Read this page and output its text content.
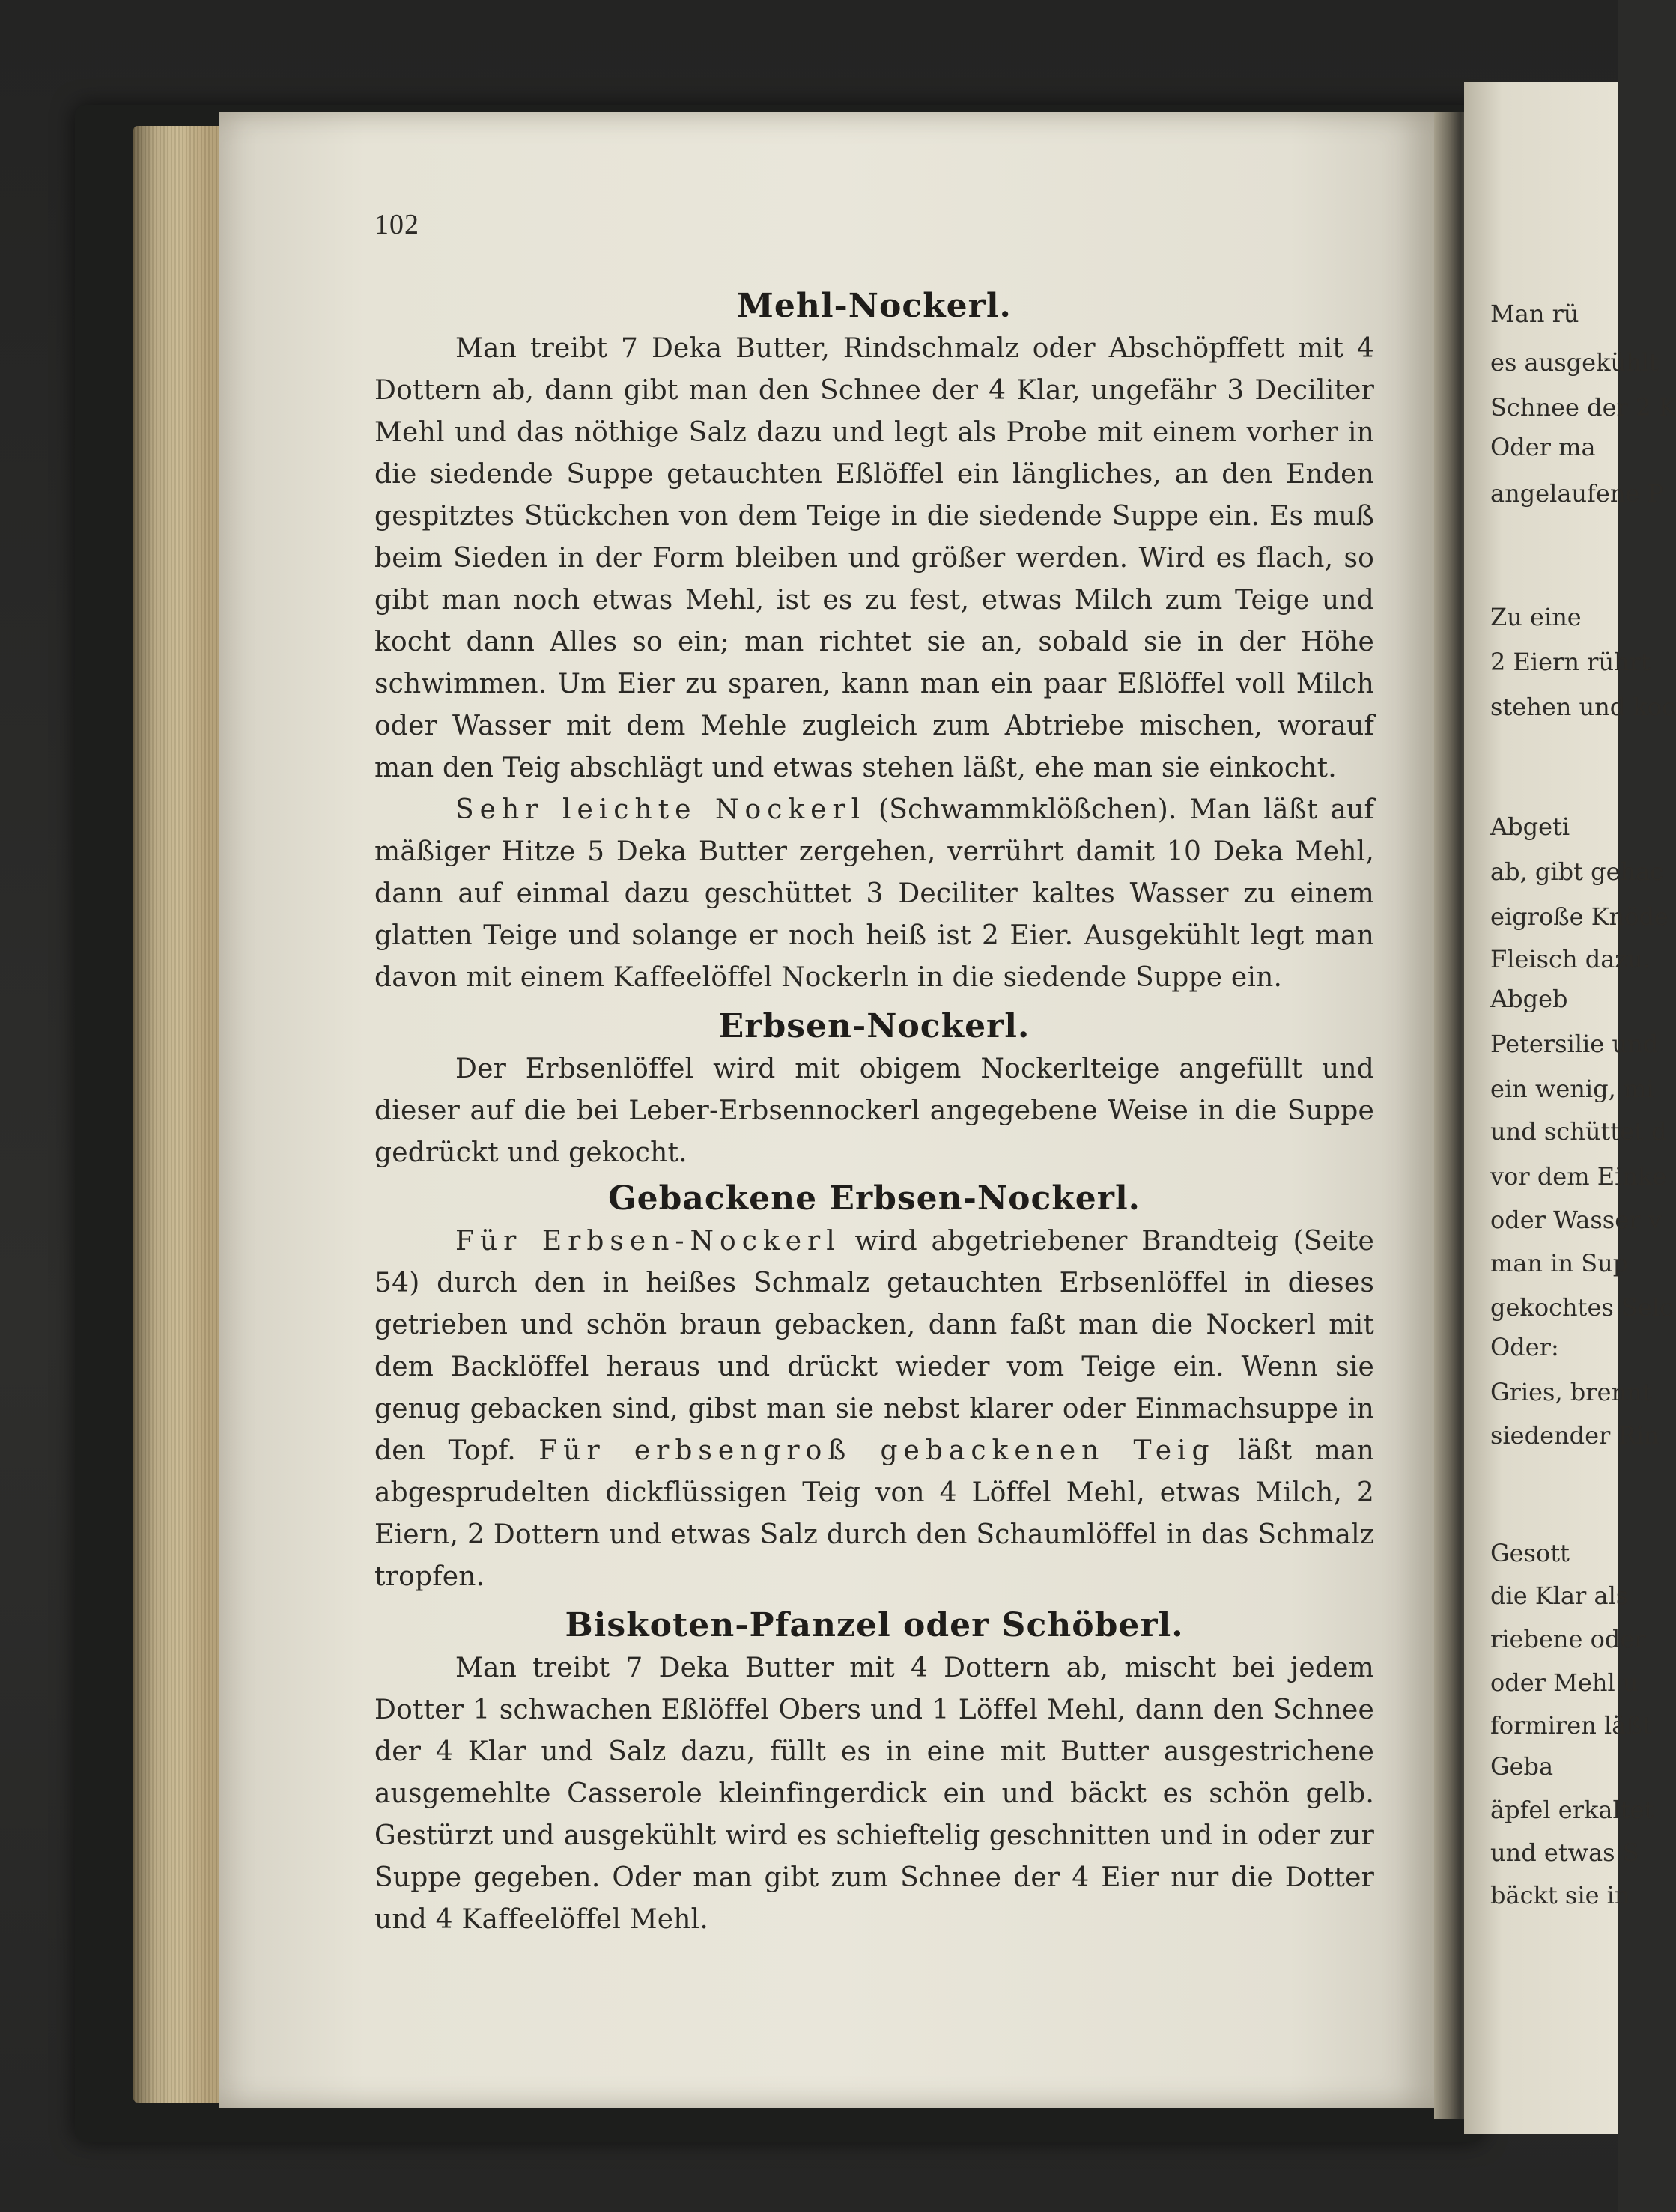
102
Mehl-Nockerl.

Man treibt 7 Deka Butter, Rindschmalz oder Abschöpffett mit 4 Dottern ab, dann gibt man den Schnee der 4 Klar, ungefähr 3 Deciliter Mehl und das nöthige Salz dazu und legt als Probe mit einem vorher in die siedende Suppe getauchten Eßlöffel ein längliches, an den Enden gespitztes Stückchen von dem Teige in die siedende Suppe ein. Es muß beim Sieden in der Form bleiben und größer werden. Wird es flach, so gibt man noch etwas Mehl, ist es zu fest, etwas Milch zum Teige und kocht dann Alles so ein; man richtet sie an, sobald sie in der Höhe schwimmen. Um Eier zu sparen, kann man ein paar Eßlöffel voll Milch oder Wasser mit dem Mehle zugleich zum Abtriebe mischen, worauf man den Teig abschlägt und etwas stehen läßt, ehe man sie einkocht.

Sehr leichte Nockerl (Schwammklößchen). Man läßt auf mäßiger Hitze 5 Deka Butter zergehen, verrührt damit 10 Deka Mehl, dann auf einmal dazu geschüttet 3 Deciliter kaltes Wasser zu einem glatten Teige und solange er noch heiß ist 2 Eier. Ausgekühlt legt man davon mit einem Kaffeelöffel Nockerln in die siedende Suppe ein.

Erbsen-Nockerl.

Der Erbsenlöffel wird mit obigem Nockerlteige angefüllt und dieser auf die bei Leber-Erbsennockerl angegebene Weise in die Suppe gedrückt und gekocht.

Gebackene Erbsen-Nockerl.

Für Erbsen-Nockerl wird abgetriebener Brandteig (Seite 54) durch den in heißes Schmalz getauchten Erbsenlöffel in dieses getrieben und schön braun gebacken, dann faßt man die Nockerl mit dem Backlöffel heraus und drückt wieder vom Teige ein. Wenn sie genug gebacken sind, gibst man sie nebst klarer oder Einmachsuppe in den Topf. Für erbsengroß gebackenen Teig läßt man abgesprudelten dickflüssigen Teig von 4 Löffel Mehl, etwas Milch, 2 Eiern, 2 Dottern und etwas Salz durch den Schaumlöffel in das Schmalz tropfen.

Biskoten-Pfanzel oder Schöberl.

Man treibt 7 Deka Butter mit 4 Dottern ab, mischt bei jedem Dotter 1 schwachen Eßlöffel Obers und 1 Löffel Mehl, dann den Schnee der 4 Klar und Salz dazu, füllt es in eine mit Butter ausgestrichene ausgemehlte Casserole kleinfingerdick ein und bäckt es schön gelb. Gestürzt und ausgekühlt wird es schieftelig geschnitten und in oder zur Suppe gegeben. Oder man gibt zum Schnee der 4 Eier nur die Dotter und 4 Kaffeelöffel Mehl.

Man rü
es ausgekühlt
Schnee der 2 K
Oder ma
angelaufene P
Zu eine
2 Eiern rührt
stehen und koc
Abgeti
ab, gibt gehac
eigroße Knöde
Fleisch dazu.
Abgeb
Petersilie und
ein wenig, mi
und schüttet d
vor dem Einke
oder Wasser v
man in Sup
gekochtes Selc
Oder:
Gries, brennt
siedender Rin
Gesott
die Klar als
riebene oder
oder Mehl u
formiren läßt
Geba
äpfel erkaltet
und etwas S
bäckt sie in
